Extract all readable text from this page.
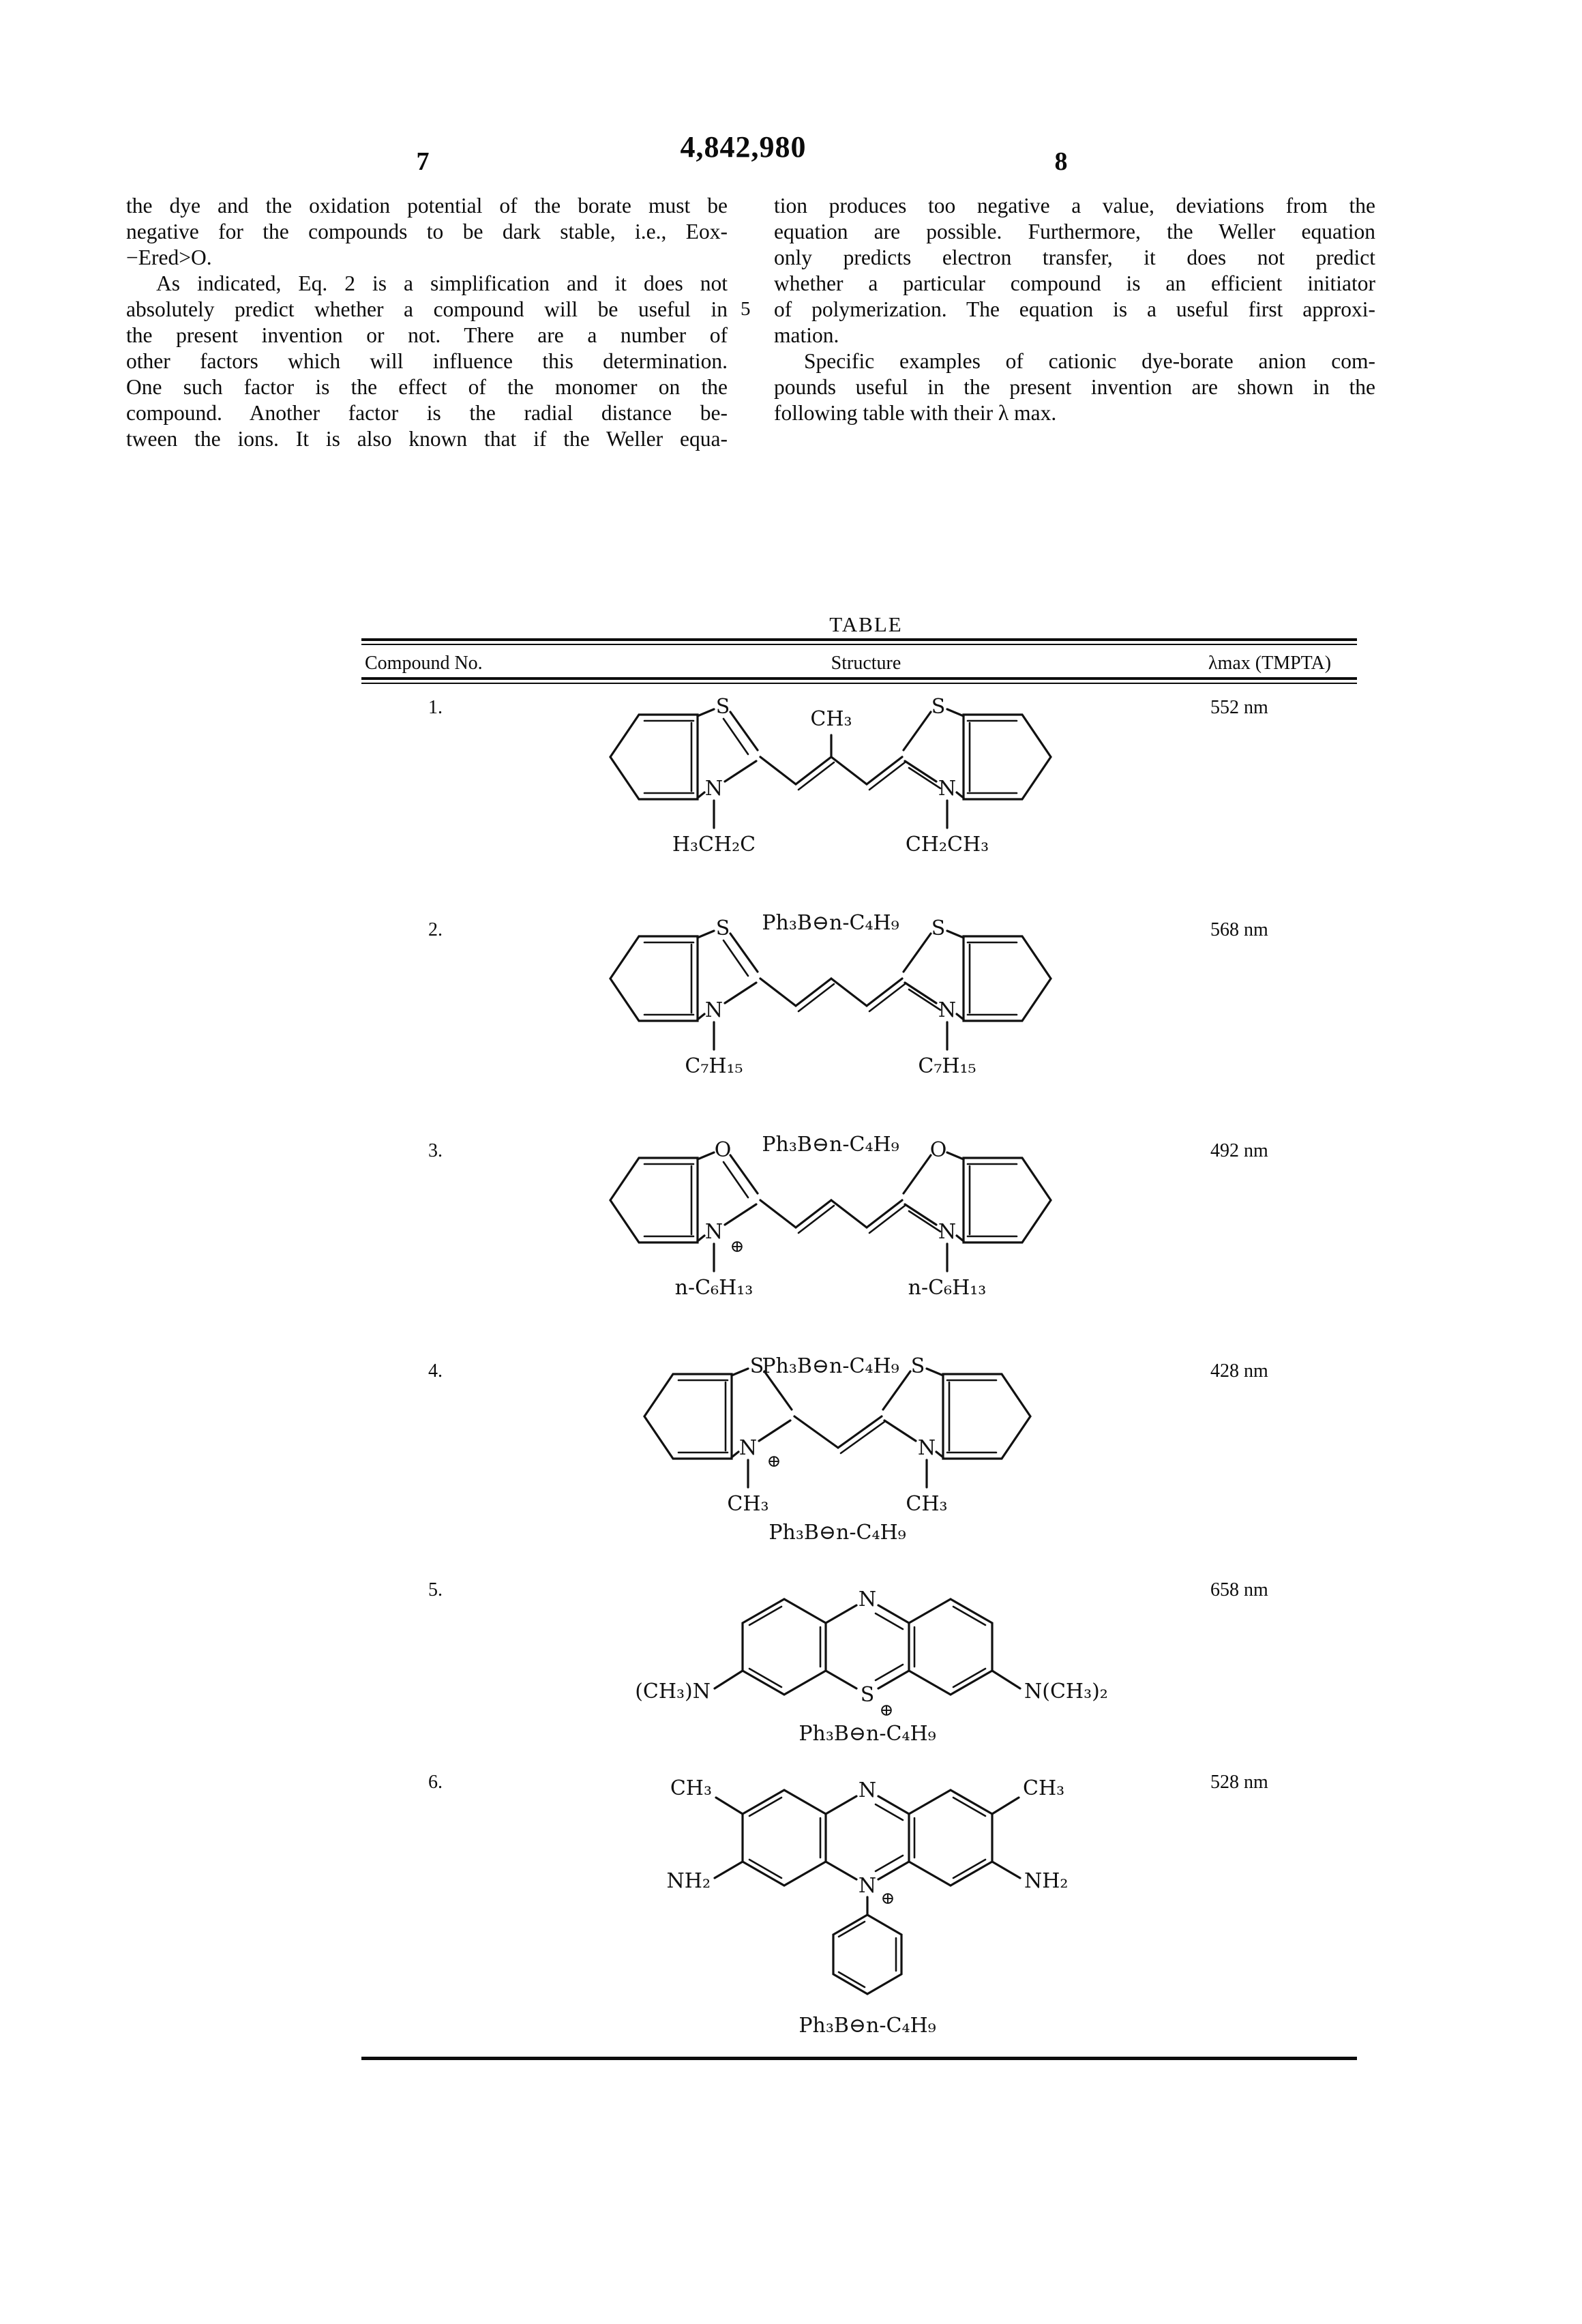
4,842,980
7	8
5
the dye and the oxidation potential of the borate must be
negative for the compounds to be dark stable, i.e., Eox-
−Ered>O.
As indicated, Eq. 2 is a simplification and it does not
absolutely predict whether a compound will be useful in
the present invention or not. There are a number of
other factors which will influence this determination.
One such factor is the effect of the monomer on the
compound. Another factor is the radial distance be-
tween the ions. It is also known that if the Weller equa-
tion produces too negative a value, deviations from the
equation are possible. Furthermore, the Weller equation
only predicts electron transfer, it does not predict
whether a particular compound is an efficient initiator
of polymerization. The equation is a useful first approxi-
mation.
Specific examples of cationic dye-borate anion com-
pounds useful in the present invention are shown in the
following table with their λ max.
TABLE
Compound No.	Structure	λmax (TMPTA)
1.	552 nm
2.	568 nm
3.	492 nm
4.	428 nm
5.	658 nm
6.	528 nm
S
N
H₃CH₂C
CH₃
S
N
CH₂CH₃
Ph₃B⊖n-C₄H₉
S
N
C₇H₁₅
S
N
C₇H₁₅
Ph₃B⊖n-C₄H₉
O
N
⊕
n-C₆H₁₃
O
N
n-C₆H₁₃
Ph₃B⊖n-C₄H₉
S
N
⊕
CH₃
S
N
CH₃
Ph₃B⊖n-C₄H₉
N
S
⊕
(CH₃)N	N(CH₃)₂
Ph₃B⊖n-C₄H₉
N
N
⊕
CH₃	CH₃
NH₂	NH₂
Ph₃B⊖n-C₄H₉
